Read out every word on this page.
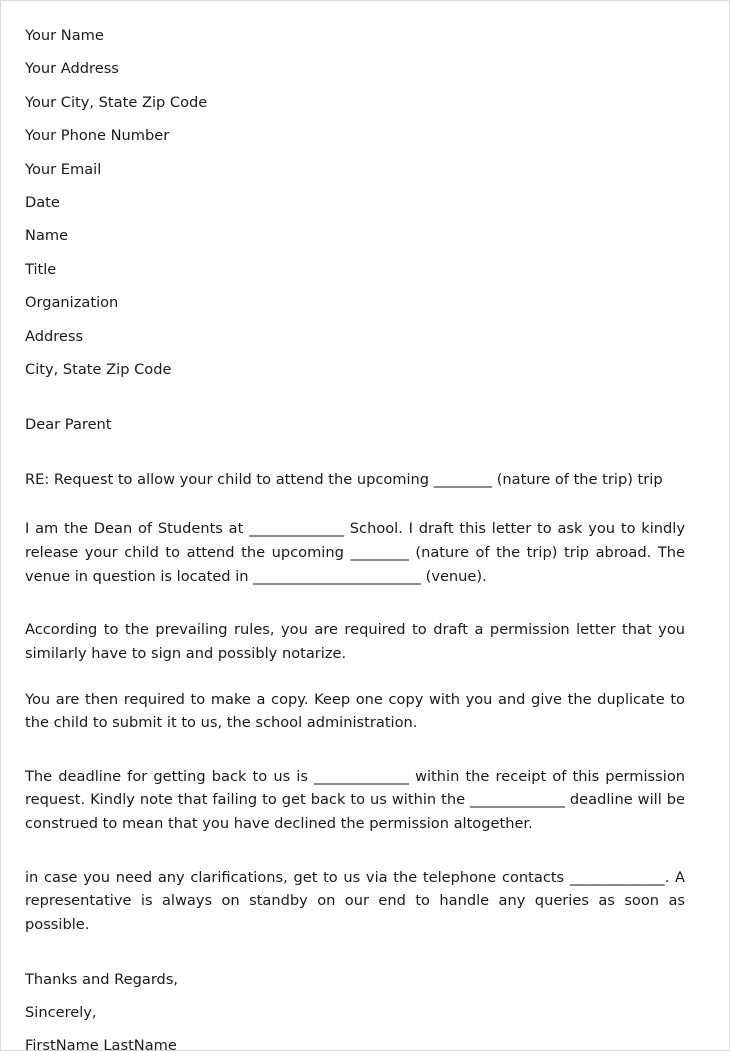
Your Name
Your Address
Your City, State Zip Code
Your Phone Number
Your Email
Date
Name
Title
Organization
Address
City, State Zip Code
Dear Parent
RE: Request to allow your child to attend the upcoming ________ (nature of the trip) trip
I am the Dean of Students at _____________ School. I draft this letter to ask you to kindly release your child to attend the upcoming ________ (nature of the trip) trip abroad. The venue in question is located in _______________________ (venue).
According to the prevailing rules, you are required to draft a permission letter that you similarly have to sign and possibly notarize.
You are then required to make a copy. Keep one copy with you and give the duplicate to the child to submit it to us, the school administration.
The deadline for getting back to us is _____________ within the receipt of this permission request. Kindly note that failing to get back to us within the _____________ deadline will be construed to mean that you have declined the permission altogether.
in case you need any clarifications, get to us via the telephone contacts _____________. A representative is always on standby on our end to handle any queries as soon as possible.
Thanks and Regards,
Sincerely,
FirstName LastName
